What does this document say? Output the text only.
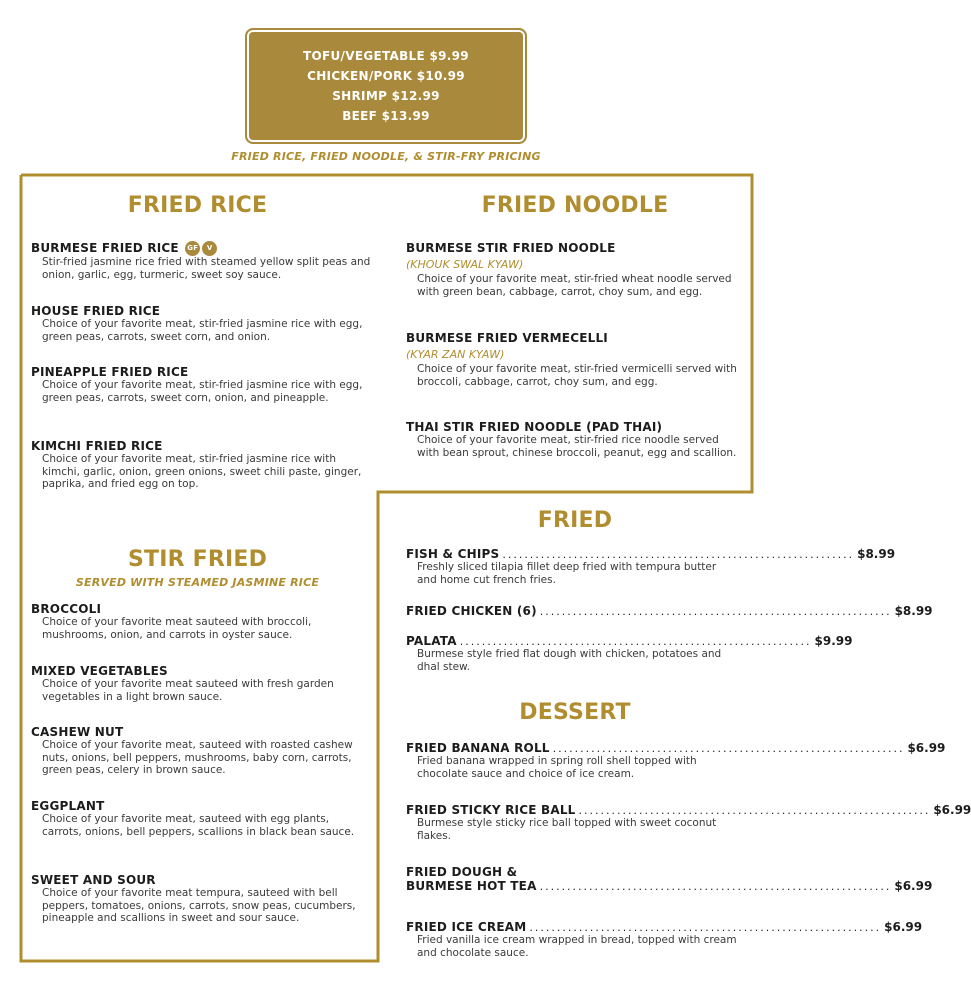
TOFU/VEGETABLE $9.99
CHICKEN/PORK $10.99
SHRIMP $12.99
BEEF $13.99
FRIED RICE, FRIED NOODLE, & STIR-FRY PRICING
FRIED RICE
BURMESE FRIED RICE GF V
Stir-fried jasmine rice fried with steamed yellow split peas and onion, garlic, egg, turmeric, sweet soy sauce.
HOUSE FRIED RICE
Choice of your favorite meat, stir-fried jasmine rice with egg, green peas, carrots, sweet corn, and onion.
PINEAPPLE FRIED RICE
Choice of your favorite meat, stir-fried jasmine rice with egg, green peas, carrots, sweet corn, onion, and pineapple.
KIMCHI FRIED RICE
Choice of your favorite meat, stir-fried jasmine rice with kimchi, garlic, onion, green onions, sweet chili paste, ginger, paprika, and fried egg on top.
STIR FRIED
SERVED WITH STEAMED JASMINE RICE
BROCCOLI
Choice of your favorite meat sauteed with broccoli, mushrooms, onion, and carrots in oyster sauce.
MIXED VEGETABLES
Choice of your favorite meat sauteed with fresh garden vegetables in a light brown sauce.
CASHEW NUT
Choice of your favorite meat, sauteed with roasted cashew nuts, onions, bell peppers, mushrooms, baby corn, carrots, green peas, celery in brown sauce.
EGGPLANT
Choice of your favorite meat, sauteed with egg plants, carrots, onions, bell peppers, scallions in black bean sauce.
SWEET AND SOUR
Choice of your favorite meat tempura, sauteed with bell peppers, tomatoes, onions, carrots, snow peas, cucumbers, pineapple and scallions in sweet and sour sauce.
FRIED NOODLE
BURMESE STIR FRIED NOODLE
(KHOUK SWAL KYAW)
Choice of your favorite meat, stir-fried wheat noodle served with green bean, cabbage, carrot, choy sum, and egg.
BURMESE FRIED VERMECELLI
(KYAR ZAN KYAW)
Choice of your favorite meat, stir-fried vermicelli served with broccoli, cabbage, carrot, choy sum, and egg.
THAI STIR FRIED NOODLE (PAD THAI)
Choice of your favorite meat, stir-fried rice noodle served with bean sprout, chinese broccoli, peanut, egg and scallion.
FRIED
FISH & CHIPS ................................................................ $8.99
Freshly sliced tilapia fillet deep fried with tempura butter and home cut french fries.
FRIED CHICKEN (6) ................................................................ $8.99
PALATA ................................................................ $9.99
Burmese style fried flat dough with chicken, potatoes and dhal stew.
DESSERT
FRIED BANANA ROLL ................................................................ $6.99
Fried banana wrapped in spring roll shell topped with chocolate sauce and choice of ice cream.
FRIED STICKY RICE BALL ................................................................ $6.99
Burmese style sticky rice ball topped with sweet coconut flakes.
FRIED DOUGH &
BURMESE HOT TEA ................................................................ $6.99
FRIED ICE CREAM ................................................................ $6.99
Fried vanilla ice cream wrapped in bread, topped with cream and chocolate sauce.
